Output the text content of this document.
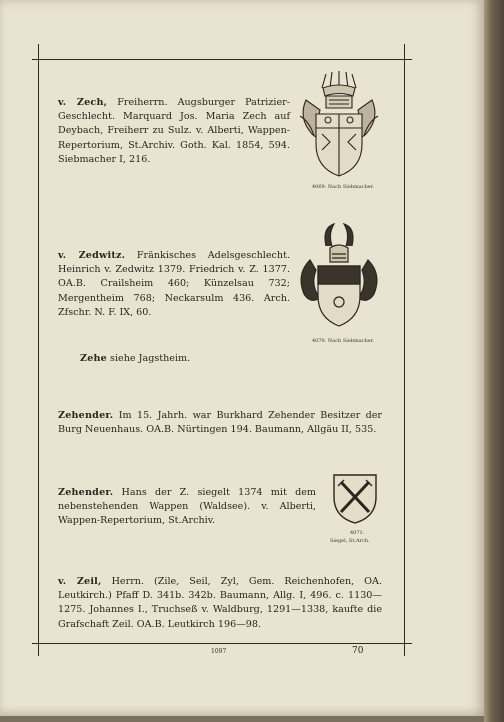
v. Zech, Freiherrn. Augsburger Patrizier-Geschlecht. Marquard Jos. Maria Zech auf Deybach, Freiherr zu Sulz. v. Alberti, Wappen-Repertorium, St.Archiv. Goth. Kal. 1854, 594. Siebmacher I, 216.
4069. Nach Siebmacher.
v. Zedwitz. Fränkisches Adelsgeschlecht. Heinrich v. Zedwitz 1379. Friedrich v. Z. 1377. OA.B. Crailsheim 460; Künzelsau 732; Mergentheim 768; Neckarsulm 436. Arch. Zfschr. N. F. IX, 60.
4070. Nach Siebmacher.
Zehe siehe Jagstheim.
Zehender. Im 15. Jahrh. war Burkhard Zehender Besitzer der Burg Neuenhaus. OA.B. Nürtingen 194. Baumann, Allgäu II, 535.
Zehender. Hans der Z. siegelt 1374 mit dem nebenstehenden Wappen (Waldsee). v. Alberti, Wappen-Repertorium, St.Archiv.
4071.
Siegel, St.Arch.
v. Zeil, Herrn. (Zile, Seil, Zyl, Gem. Reichenhofen, OA. Leutkirch.) Pfaff D. 341b. 342b. Baumann, Allg. I, 496. c. 1130—1275. Johannes I., Truchseß v. Waldburg, 1291—1338, kaufte die Grafschaft Zeil. OA.B. Leutkirch 196—98.
1097	70
